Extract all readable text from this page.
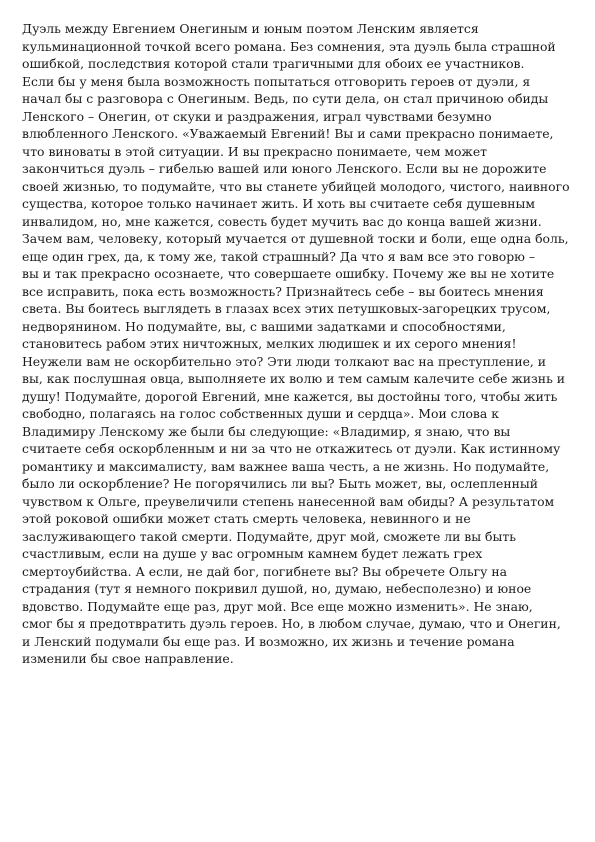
Дуэль между Евгением Онегиным и юным поэтом Ленским является
кульминационной точкой всего романа. Без сомнения, эта дуэль была страшной
ошибкой, последствия которой стали трагичными для обоих ее участников.
Если бы у меня была возможность попытаться отговорить героев от дуэли, я
начал бы с разговора с Онегиным. Ведь, по сути дела, он стал причиною обиды
Ленского – Онегин, от скуки и раздражения, играл чувствами безумно
влюбленного Ленского. «Уважаемый Евгений! Вы и сами прекрасно понимаете,
что виноваты в этой ситуации. И вы прекрасно понимаете, чем может
закончиться дуэль – гибелью вашей или юного Ленского. Если вы не дорожите
своей жизнью, то подумайте, что вы станете убийцей молодого, чистого, наивного
существа, которое только начинает жить. И хоть вы считаете себя душевным
инвалидом, но, мне кажется, совесть будет мучить вас до конца вашей жизни.
Зачем вам, человеку, который мучается от душевной тоски и боли, еще одна боль,
еще один грех, да, к тому же, такой страшный? Да что я вам все это говорю –
вы и так прекрасно осознаете, что совершаете ошибку. Почему же вы не хотите
все исправить, пока есть возможность? Признайтесь себе – вы боитесь мнения
света. Вы боитесь выглядеть в глазах всех этих петушковых-загорецких трусом,
недворянином. Но подумайте, вы, с вашими задатками и способностями,
становитесь рабом этих ничтожных, мелких людишек и их серого мнения!
Неужели вам не оскорбительно это? Эти люди толкают вас на преступление, и
вы, как послушная овца, выполняете их волю и тем самым калечите себе жизнь и
душу! Подумайте, дорогой Евгений, мне кажется, вы достойны того, чтобы жить
свободно, полагаясь на голос собственных души и сердца». Мои слова к
Владимиру Ленскому же были бы следующие: «Владимир, я знаю, что вы
считаете себя оскорбленным и ни за что не откажитесь от дуэли. Как истинному
романтику и максималисту, вам важнее ваша честь, а не жизнь. Но подумайте,
было ли оскорбление? Не погорячились ли вы? Быть может, вы, ослепленный
чувством к Ольге, преувеличили степень нанесенной вам обиды? А результатом
этой роковой ошибки может стать смерть человека, невинного и не
заслуживающего такой смерти. Подумайте, друг мой, сможете ли вы быть
счастливым, если на душе у вас огромным камнем будет лежать грех
смертоубийства. А если, не дай бог, погибнете вы? Вы обречете Ольгу на
страдания (тут я немного покривил душой, но, думаю, небесполезно) и юное
вдовство. Подумайте еще раз, друг мой. Все еще можно изменить». Не знаю,
смог бы я предотвратить дуэль героев. Но, в любом случае, думаю, что и Онегин,
и Ленский подумали бы еще раз. И возможно, их жизнь и течение романа
изменили бы свое направление.
